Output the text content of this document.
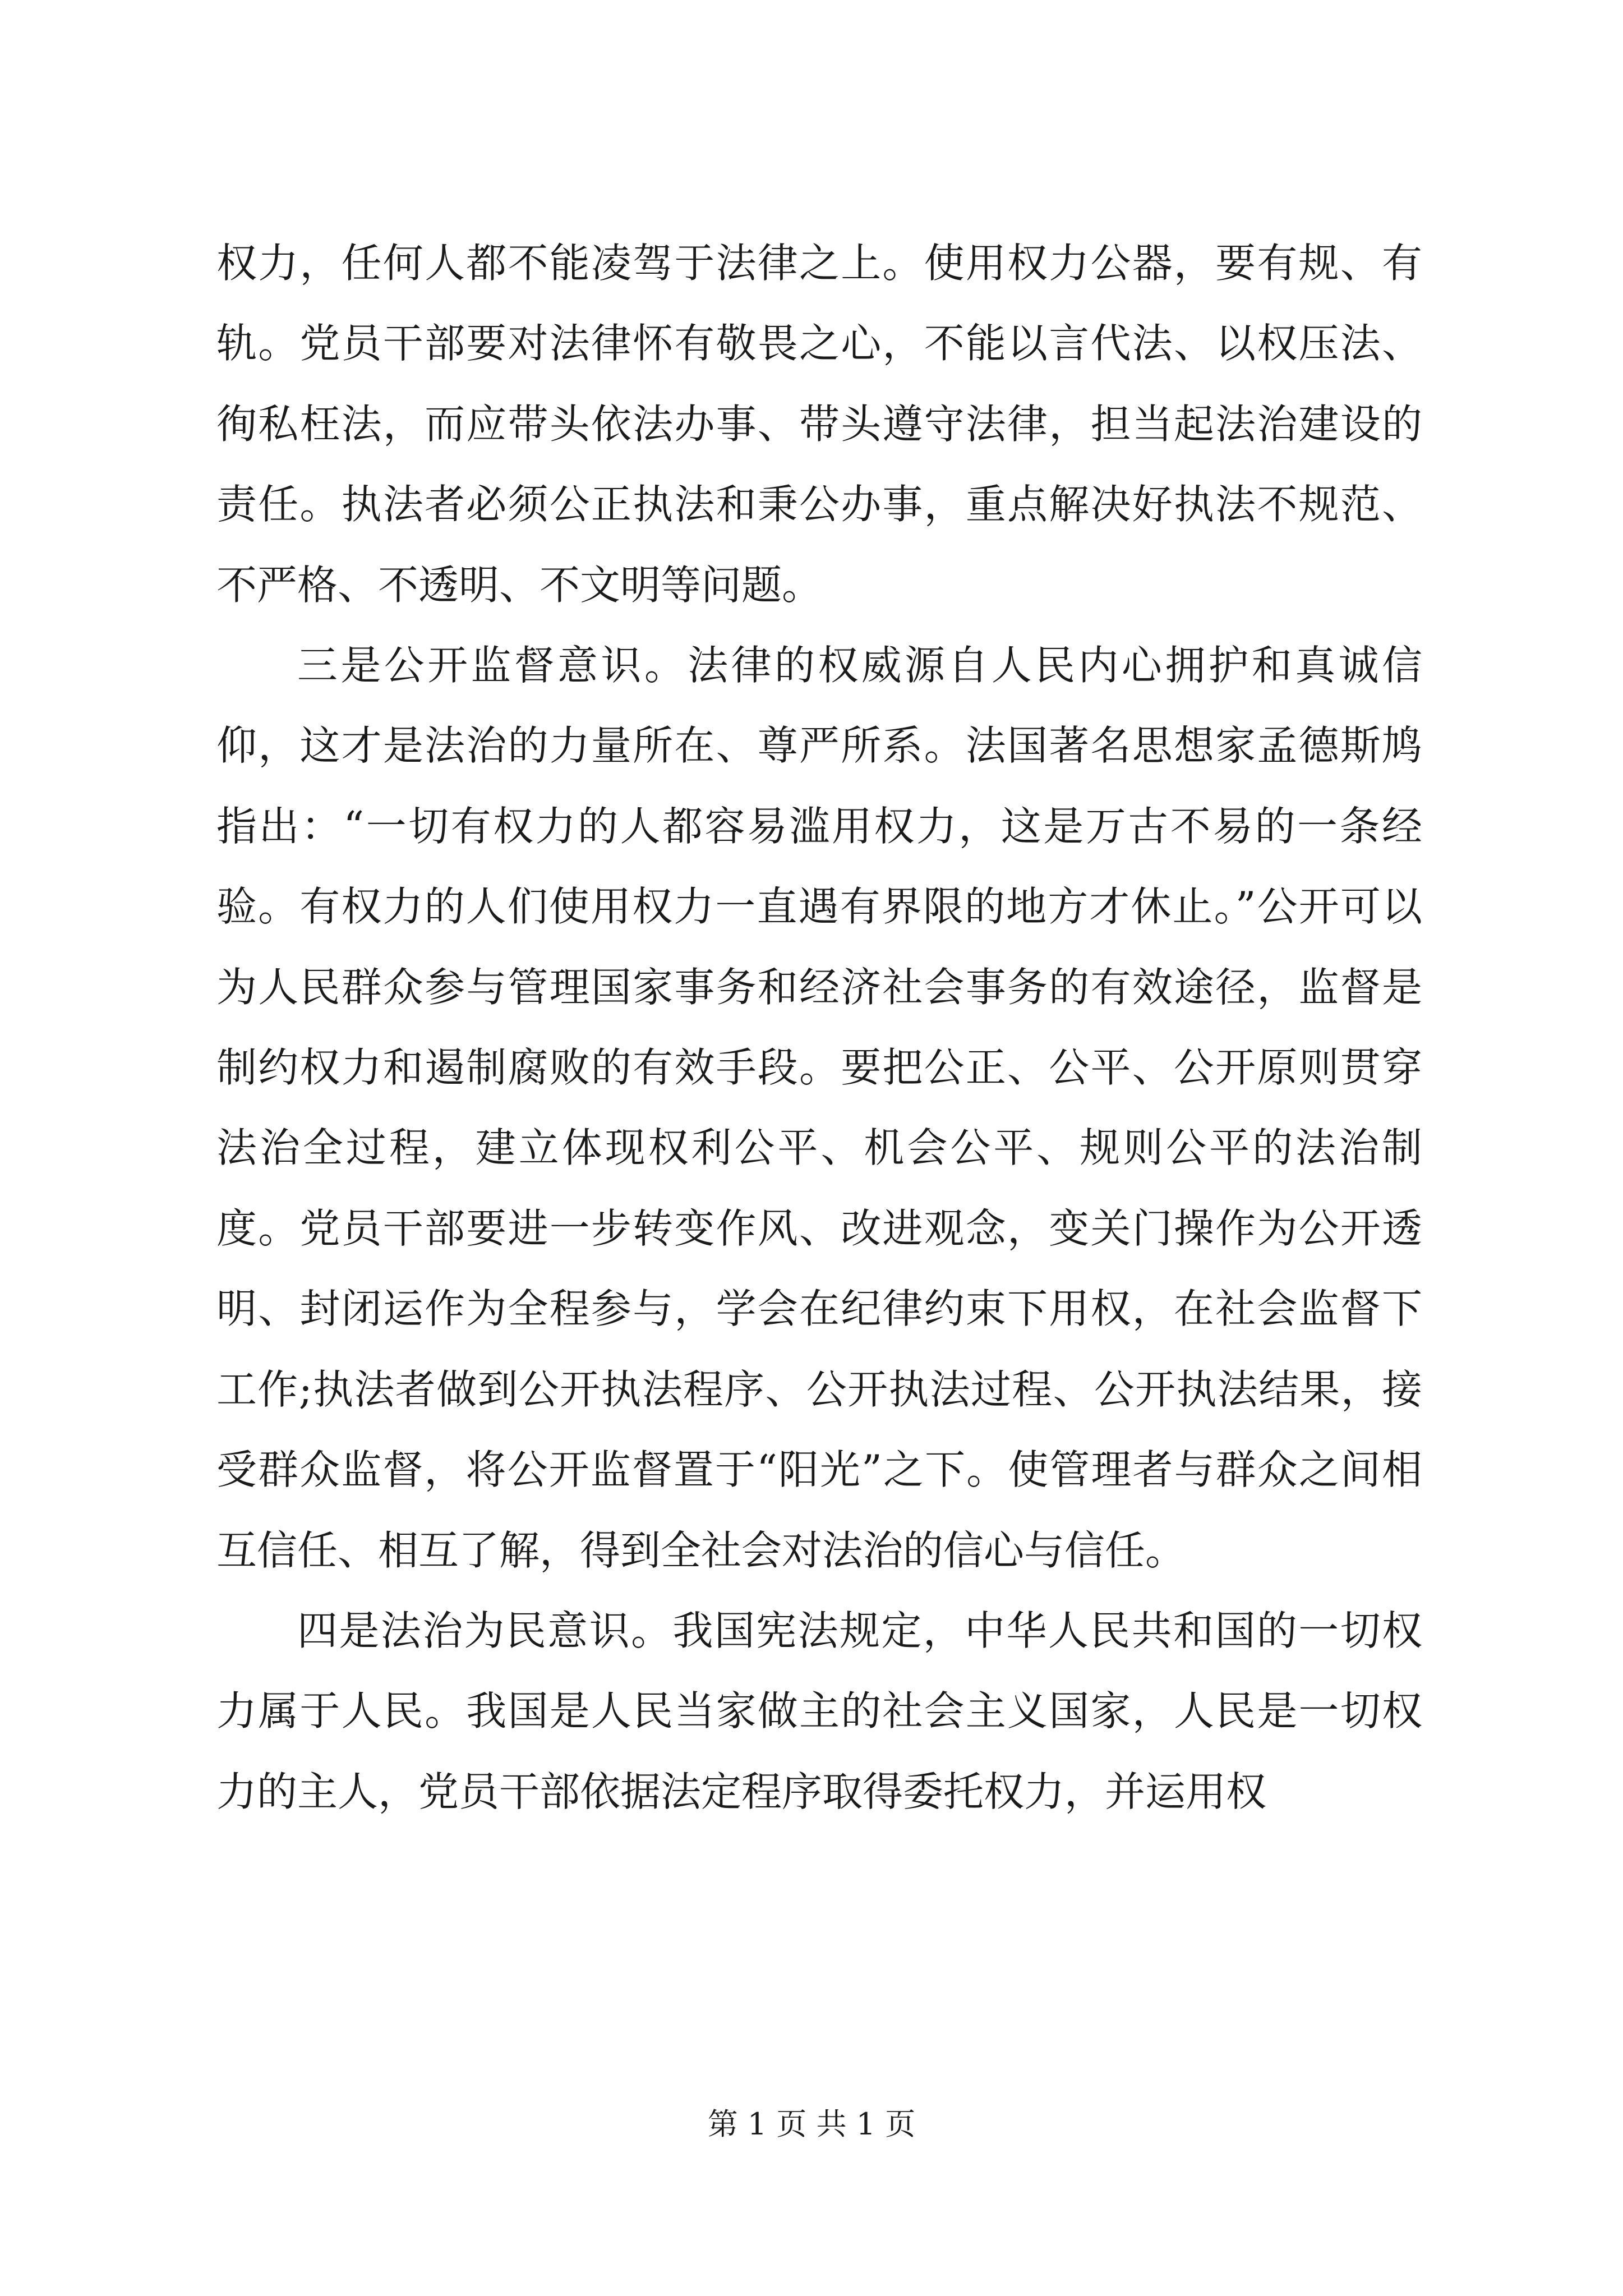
权力，任何人都不能凌驾于法律之上。使用权力公器，要有规、有轨。党员干部要对法律怀有敬畏之心，不能以言代法、以权压法、徇私枉法，而应带头依法办事、带头遵守法律，担当起法治建设的责任。执法者必须公正执法和秉公办事，重点解决好执法不规范、不严格、不透明、不文明等问题。

三是公开监督意识。法律的权威源自人民内心拥护和真诚信仰，这才是法治的力量所在、尊严所系。法国著名思想家孟德斯鸠指出：“一切有权力的人都容易滥用权力，这是万古不易的一条经验。有权力的人们使用权力一直遇有界限的地方才休止。”公开可以为人民群众参与管理国家事务和经济社会事务的有效途径，监督是制约权力和遏制腐败的有效手段。要把公正、公平、公开原则贯穿法治全过程，建立体现权利公平、机会公平、规则公平的法治制度。党员干部要进一步转变作风、改进观念，变关门操作为公开透明、封闭运作为全程参与，学会在纪律约束下用权，在社会监督下工作;执法者做到公开执法程序、公开执法过程、公开执法结果，接受群众监督，将公开监督置于“阳光”之下。使管理者与群众之间相互信任、相互了解，得到全社会对法治的信心与信任。

四是法治为民意识。我国宪法规定，中华人民共和国的一切权力属于人民。我国是人民当家做主的社会主义国家，人民是一切权力的主人，党员干部依据法定程序取得委托权力，并运用权

第 1 页 共 1 页
